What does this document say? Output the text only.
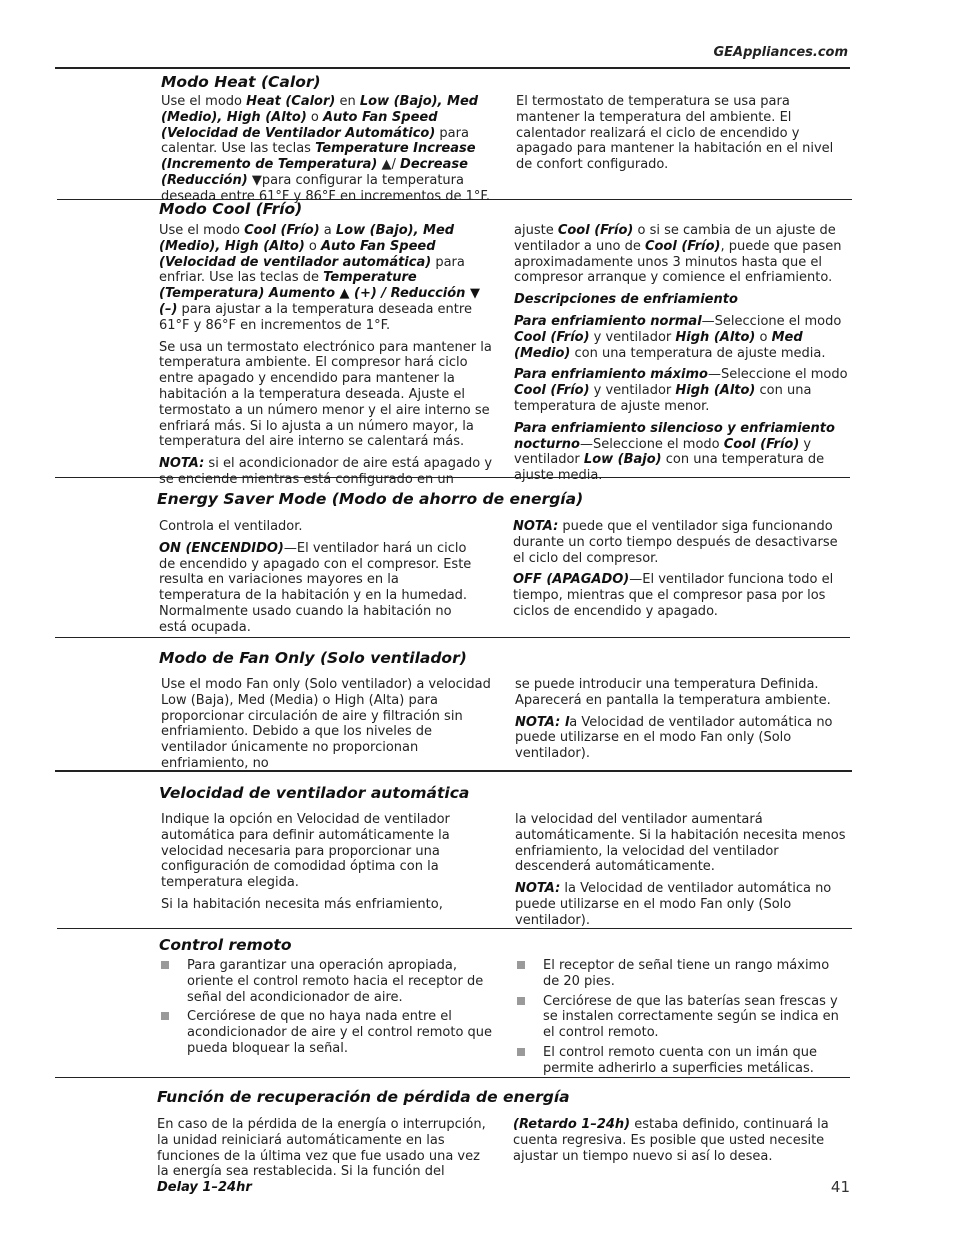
GEAppliances.com
Modo Heat (Calor)

Use el modo Heat (Calor) en Low (Bajo), Med (Medio), High (Alto) o Auto Fan Speed (Velocidad de Ventilador Automático) para calentar. Use las teclas Temperature Increase (Incremento de Temperatura) ▲/ Decrease (Reducción) ▼para configurar la temperatura deseada entre 61°F y 86°F en incrementos de 1°F.

El termostato de temperatura se usa para mantener la temperatura del ambiente. El calentador realizará el ciclo de encendido y apagado para mantener la habitación en el nivel de confort configurado.

Modo Cool (Frío)

Use el modo Cool (Frío) a Low (Bajo), Med (Medio), High (Alto) o Auto Fan Speed (Velocidad de ventilador automática) para enfriar. Use las teclas de Temperature (Temperatura) Aumento ▲ (+) / Reducción ▼ (–) para ajustar a la temperatura deseada entre 61°F y 86°F en incrementos de 1°F.

Se usa un termostato electrónico para mantener la temperatura ambiente. El compresor hará ciclo entre apagado y encendido para mantener la habitación a la temperatura deseada. Ajuste el termostato a un número menor y el aire interno se enfriará más. Si lo ajusta a un número mayor, la temperatura del aire interno se calentará más.

NOTA: si el acondicionador de aire está apagado y se enciende mientras está configurado en un

ajuste Cool (Frío) o si se cambia de un ajuste de ventilador a uno de Cool (Frío), puede que pasen aproximadamente unos 3 minutos hasta que el compresor arranque y comience el enfriamiento.

Descripciones de enfriamiento

Para enfriamiento normal—Seleccione el modo Cool (Frío) y ventilador High (Alto) o Med (Medio) con una temperatura de ajuste media.

Para enfriamiento máximo—Seleccione el modo Cool (Frío) y ventilador High (Alto) con una temperatura de ajuste menor.

Para enfriamiento silencioso y enfriamiento nocturno—Seleccione el modo Cool (Frío) y ventilador Low (Bajo) con una temperatura de ajuste media.

Energy Saver Mode (Modo de ahorro de energía)

Controla el ventilador.

ON (ENCENDIDO)—El ventilador hará un ciclo de encendido y apagado con el compresor. Este resulta en variaciones mayores en la temperatura de la habitación y en la humedad. Normalmente usado cuando la habitación no está ocupada.

NOTA: puede que el ventilador siga funcionando durante un corto tiempo después de desactivarse el ciclo del compresor.

OFF (APAGADO)—El ventilador funciona todo el tiempo, mientras que el compresor pasa por los ciclos de encendido y apagado.

Modo de Fan Only (Solo ventilador)

Use el modo Fan only (Solo ventilador) a velocidad Low (Baja), Med (Media) o High (Alta) para proporcionar circulación de aire y filtración sin enfriamiento. Debido a que los niveles de ventilador únicamente no proporcionan enfriamiento, no

se puede introducir una temperatura Definida. Aparecerá en pantalla la temperatura ambiente.

NOTA: la Velocidad de ventilador automática no puede utilizarse en el modo Fan only (Solo ventilador).

Velocidad de ventilador automática

Indique la opción en Velocidad de ventilador automática para definir automáticamente la velocidad necesaria para proporcionar una configuración de comodidad óptima con la temperatura elegida.

Si la habitación necesita más enfriamiento,

la velocidad del ventilador aumentará automáticamente. Si la habitación necesita menos enfriamiento, la velocidad del ventilador descenderá automáticamente.

NOTA: la Velocidad de ventilador automática no puede utilizarse en el modo Fan only (Solo ventilador).

Control remoto
Para garantizar una operación apropiada, oriente el control remoto hacia el receptor de señal del acondicionador de aire.
Cerciórese de que no haya nada entre el acondicionador de aire y el control remoto que pueda bloquear la señal.
El receptor de señal tiene un rango máximo de 20 pies.
Cerciórese de que las baterías sean frescas y se instalen correctamente según se indica en el control remoto.
El control remoto cuenta con un imán que permite adherirlo a superficies metálicas.
Función de recuperación de pérdida de energía

En caso de la pérdida de la energía o interrupción, la unidad reiniciará automáticamente en las funciones de la última vez que fue usado una vez la energía sea restablecida. Si la función del Delay 1–24hr

(Retardo 1–24h) estaba definido, continuará la cuenta regresiva. Es posible que usted necesite ajustar un tiempo nuevo si así lo desea.

41
